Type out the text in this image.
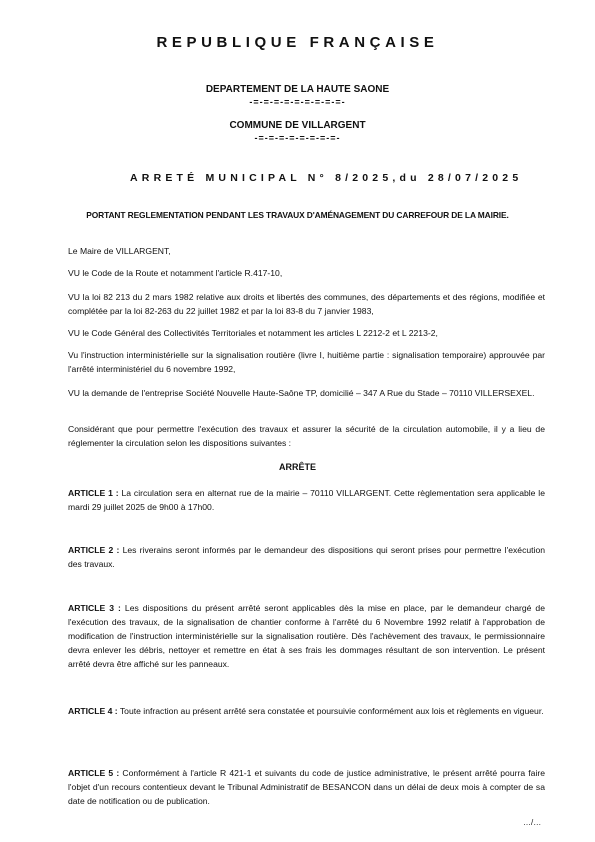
REPUBLIQUE FRANÇAISE
DEPARTEMENT DE LA HAUTE SAONE
-=-=-=-=-=-=-=-=-=-
COMMUNE DE VILLARGENT
-=-=-=-=-=-=-=-=-
ARRETÉ MUNICIPAL N° 8/2025,du 28/07/2025
PORTANT REGLEMENTATION PENDANT LES TRAVAUX D'AMÉNAGEMENT DU CARREFOUR DE LA MAIRIE.
Le Maire de VILLARGENT,
VU le Code de la Route et notamment l'article R.417-10,
VU la loi 82 213 du 2 mars 1982 relative aux droits et libertés des communes, des départements et des régions, modifiée et complétée par la loi 82-263 du 22 juillet 1982 et par la loi 83-8 du 7 janvier 1983,
VU le Code Général des Collectivités Territoriales et notamment les articles L 2212-2 et L 2213-2,
Vu l'instruction interministérielle sur la signalisation routière (livre I, huitième partie : signalisation temporaire) approuvée par l'arrêté interministériel du 6 novembre 1992,
VU la demande de l'entreprise Société Nouvelle Haute-Saône TP, domicilié – 347 A Rue du Stade – 70110 VILLERSEXEL.
Considérant que pour permettre l'exécution des travaux et assurer la sécurité de la circulation automobile, il y a lieu de réglementer la circulation selon les dispositions suivantes :
ARRÊTE
ARTICLE 1 : La circulation sera en alternat rue de la mairie – 70110 VILLARGENT. Cette règlementation sera applicable le mardi 29 juillet 2025 de 9h00 à 17h00.
ARTICLE 2 : Les riverains seront informés par le demandeur des dispositions qui seront prises pour permettre l'exécution des travaux.
ARTICLE 3 : Les dispositions du présent arrêté seront applicables dès la mise en place, par le demandeur chargé de l'exécution des travaux, de la signalisation de chantier conforme à l'arrêté du 6 Novembre 1992 relatif à l'approbation de modification de l'instruction interministérielle sur la signalisation routière. Dès l'achèvement des travaux, le permissionnaire devra enlever les débris, nettoyer et remettre en état à ses frais les dommages résultant de son intervention. Le présent arrêté devra être affiché sur les panneaux.
ARTICLE 4 : Toute infraction au présent arrêté sera constatée et poursuivie conformément aux lois et règlements en vigueur.
ARTICLE 5 : Conformément à l'article R 421-1 et suivants du code de justice administrative, le présent arrêté pourra faire l'objet d'un recours contentieux devant le Tribunal Administratif de BESANCON dans un délai de deux mois à compter de sa date de notification ou de publication.
…/…
